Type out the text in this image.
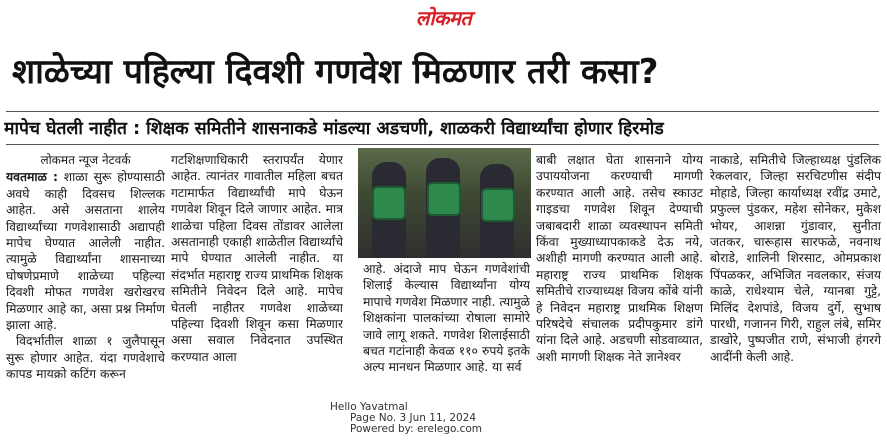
लोकमत
शाळेच्या पहिल्या दिवशी गणवेश मिळणार तरी कसा?
मापेच घेतली नाहीत : शिक्षक समितीने शासनाकडे मांडल्या अडचणी, शाळकरी विद्यार्थ्यांचा होणार हिरमोड
लोकमत न्यूज नेटवर्क

यवतमाळ : शाळा सुरू होण्यासाठी अवघे काही दिवसच शिल्लक आहेत. असे असताना शालेय विद्यार्थ्यांच्या गणवेशासाठी अद्यापही मापेच घेण्यात आलेली नाहीत. त्यामुळे विद्यार्थ्यांना शासनाच्या घोषणेप्रमाणे शाळेच्या पहिल्या दिवशी मोफत गणवेश खरोखरच मिळणार आहे का, असा प्रश्न निर्माण झाला आहे.

विदर्भातील शाळा १ जुलैपासून सुरू होणार आहेत. यंदा गणवेशाचे कापड मायक्रो कटिंग करून

गटशिक्षणाधिकारी स्तरापर्यंत येणार आहेत. त्यानंतर गावातील महिला बचत गटामार्फत विद्यार्थ्यांची मापे घेऊन गणवेश शिवून दिले जाणार आहेत. मात्र शाळेचा पहिला दिवस तोंडावर आलेला असतानाही एकाही शाळेतील विद्यार्थ्यांचे मापे घेण्यात आलेली नाहीत. या संदर्भात महाराष्ट्र राज्य प्राथमिक शिक्षक समितीने निवेदन दिले आहे. मापेच घेतली नाहीतर गणवेश शाळेच्या पहिल्या दिवशी शिवून कसा मिळणार असा सवाल निवेदनात उपस्थित करण्यात आला

आहे. अंदाजे माप घेऊन गणवेशांची शिलाई केल्यास विद्यार्थ्यांना योग्य मापाचे गणवेश मिळणार नाही. त्यामुळे शिक्षकांना पालकांच्या रोषाला सामोरे जावे लागू शकते. गणवेश शिलाईसाठी बचत गटांनाही केवळ ११० रुपये इतके अल्प मानधन मिळणार आहे. या सर्व

बाबी लक्षात घेता शासनाने योग्य उपाययोजना करण्याची मागणी करण्यात आली आहे. तसेच स्काउट गाइडचा गणवेश शिवून देण्याची जबाबदारी शाळा व्यवस्थापन समिती किंवा मुख्याध्यापकाकडे देऊ नये, अशीही मागणी करण्यात आली आहे. महाराष्ट्र राज्य प्राथमिक शिक्षक समितीचे राज्याध्यक्ष विजय कोंबे यांनी हे निवेदन महाराष्ट्र प्राथमिक शिक्षण परिषदेचे संचालक प्रदीपकुमार डांगे यांना दिले आहे. अडचणी सोडवाव्यात, अशी मागणी शिक्षक नेते ज्ञानेश्वर

नाकाडे, समितीचे जिल्हाध्यक्ष पुंडलिक रेकलवार, जिल्हा सरचिटणीस संदीप मोहाडे, जिल्हा कार्याध्यक्ष रवींद्र उमाटे, प्रफुल्ल पुंडकर, महेश सोनेकर, मुकेश भोयर, आशन्ना गुंडावार, सुनीता जतकर, चारूहास सारफळे, नवनाथ बोराडे, शालिनी शिरसाट, ओमप्रकाश पिंपळकर, अभिजित नवलकार, संजय काळे, राधेश्याम चेले, ग्यानबा गुट्टे, मिलिंद देशपांडे, विजय दुर्गे, सुभाष पारधी, गजानन गिरी, राहुल लंबे, समिर डाखोरे, पुष्पजीत राणे, संभाजी हंगरगे आदींनी केली आहे.

Hello Yavatmal
Page No. 3 Jun 11, 2024
Powered by: erelego.com
